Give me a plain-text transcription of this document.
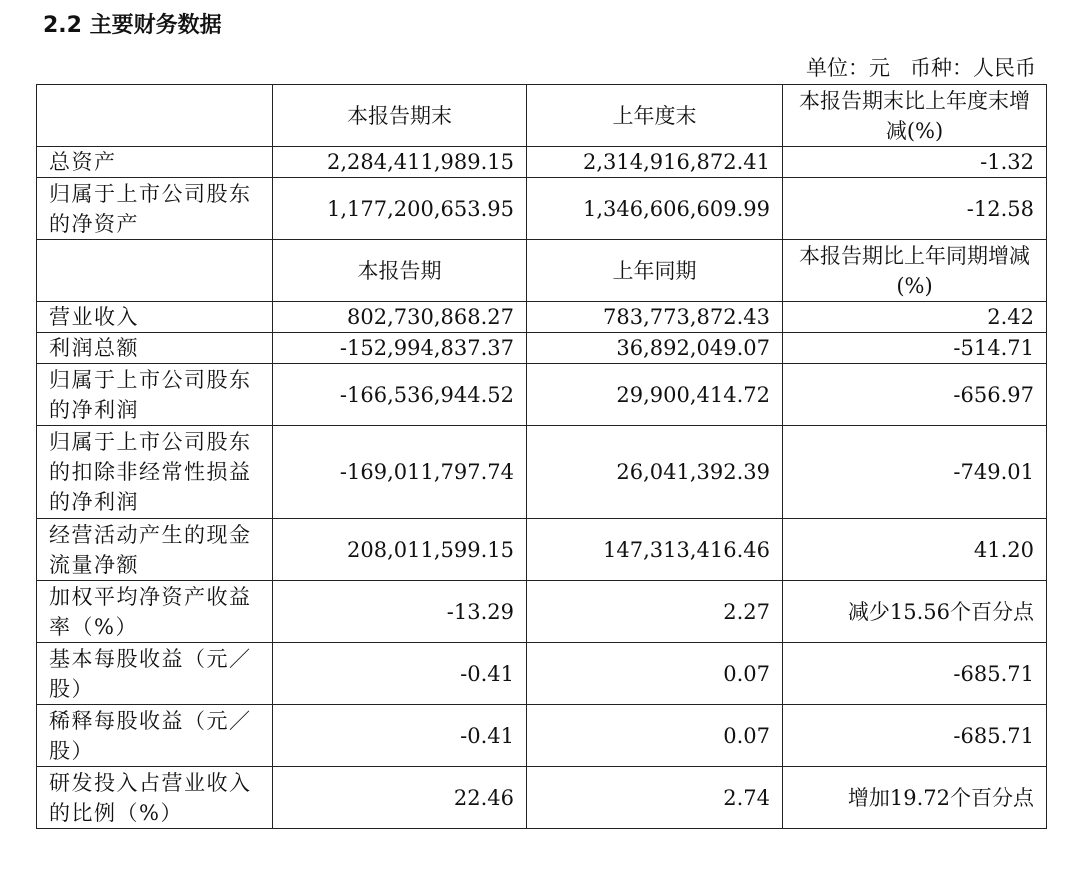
2.2 主要财务数据
单位：元   币种：人民币
	本报告期末	上年度末	本报告期末比上年度末增减(%)
总资产	2,284,411,989.15	2,314,916,872.41	-1.32
归属于上市公司股东的净资产	1,177,200,653.95	1,346,606,609.99	-12.58
	本报告期	上年同期	本报告期比上年同期增减(%)
营业收入	802,730,868.27	783,773,872.43	2.42
利润总额	-152,994,837.37	36,892,049.07	-514.71
归属于上市公司股东的净利润	-166,536,944.52	29,900,414.72	-656.97
归属于上市公司股东的扣除非经常性损益的净利润	-169,011,797.74	26,041,392.39	-749.01
经营活动产生的现金流量净额	208,011,599.15	147,313,416.46	41.20
加权平均净资产收益率（%）	-13.29	2.27	减少15.56个百分点
基本每股收益（元／股）	-0.41	0.07	-685.71
稀释每股收益（元／股）	-0.41	0.07	-685.71
研发投入占营业收入的比例（%）	22.46	2.74	增加19.72个百分点
